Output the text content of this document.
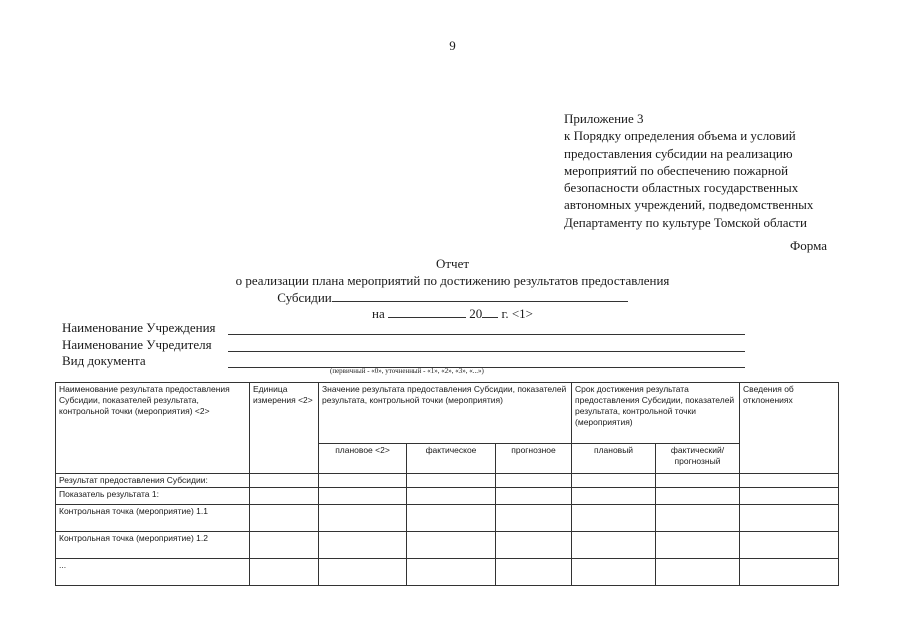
9
Приложение 3
к Порядку определения объема и условий
предоставления субсидии на реализацию
мероприятий по обеспечению пожарной
безопасности областных государственных
автономных учреждений, подведомственных
Департаменту по культуре Томской области
Форма
Отчет
о реализации плана мероприятий по достижению результатов предоставления
Субсидии
на	20 г. <1>
Наименование Учреждения
Наименование Учредителя
Вид документа
(первичный - «0», уточненный - «1», «2», «3», «...»)
Наименование результата предоставления Субсидии, показателей результата, контрольной точки (мероприятия) <2>	Единица измерения <2>	Значение результата предоставления Субсидии, показателей результата, контрольной точки (мероприятия)			Срок достижения результата предоставления Субсидии, показателей результата, контрольной точки (мероприятия)		Сведения об отклонениях
		плановое <2>	фактическое	прогнозное	плановый	фактический/ прогнозный	
Результат предоставления Субсидии:							
Показатель результата 1:							
Контрольная точка (мероприятие) 1.1							
Контрольная точка (мероприятие) 1.2							
...							
